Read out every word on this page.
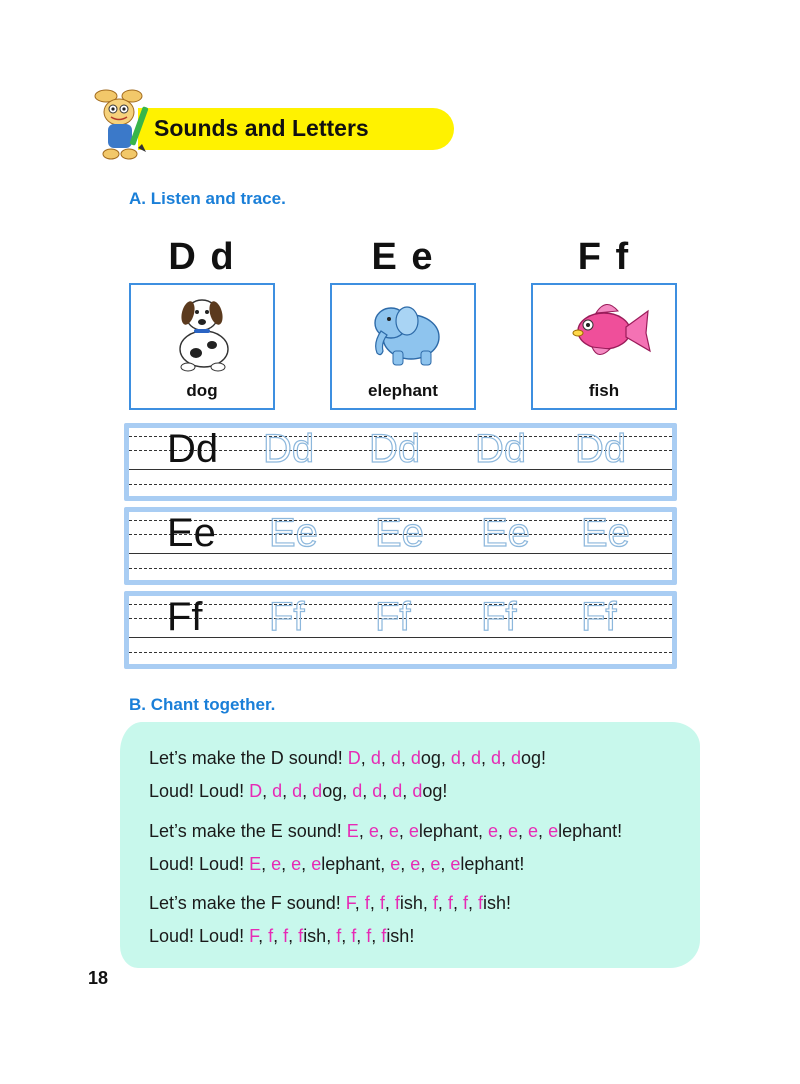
Sounds and Letters
A. Listen and trace.
D d	E e	F f
dog	elephant	fish
Dd Dd Dd Dd Dd
Ee Ee Ee Ee Ee
Ff Ff Ff Ff Ff
B. Chant together.
Let’s make the D sound! D, d, d, dog, d, d, d, dog!
Loud! Loud! D, d, d, dog, d, d, d, dog!
Let’s make the E sound! E, e, e, elephant, e, e, e, elephant!
Loud! Loud! E, e, e, elephant, e, e, e, elephant!
Let’s make the F sound! F, f, f, fish, f, f, f, fish!
Loud! Loud! F, f, f, fish, f, f, f, fish!
18
